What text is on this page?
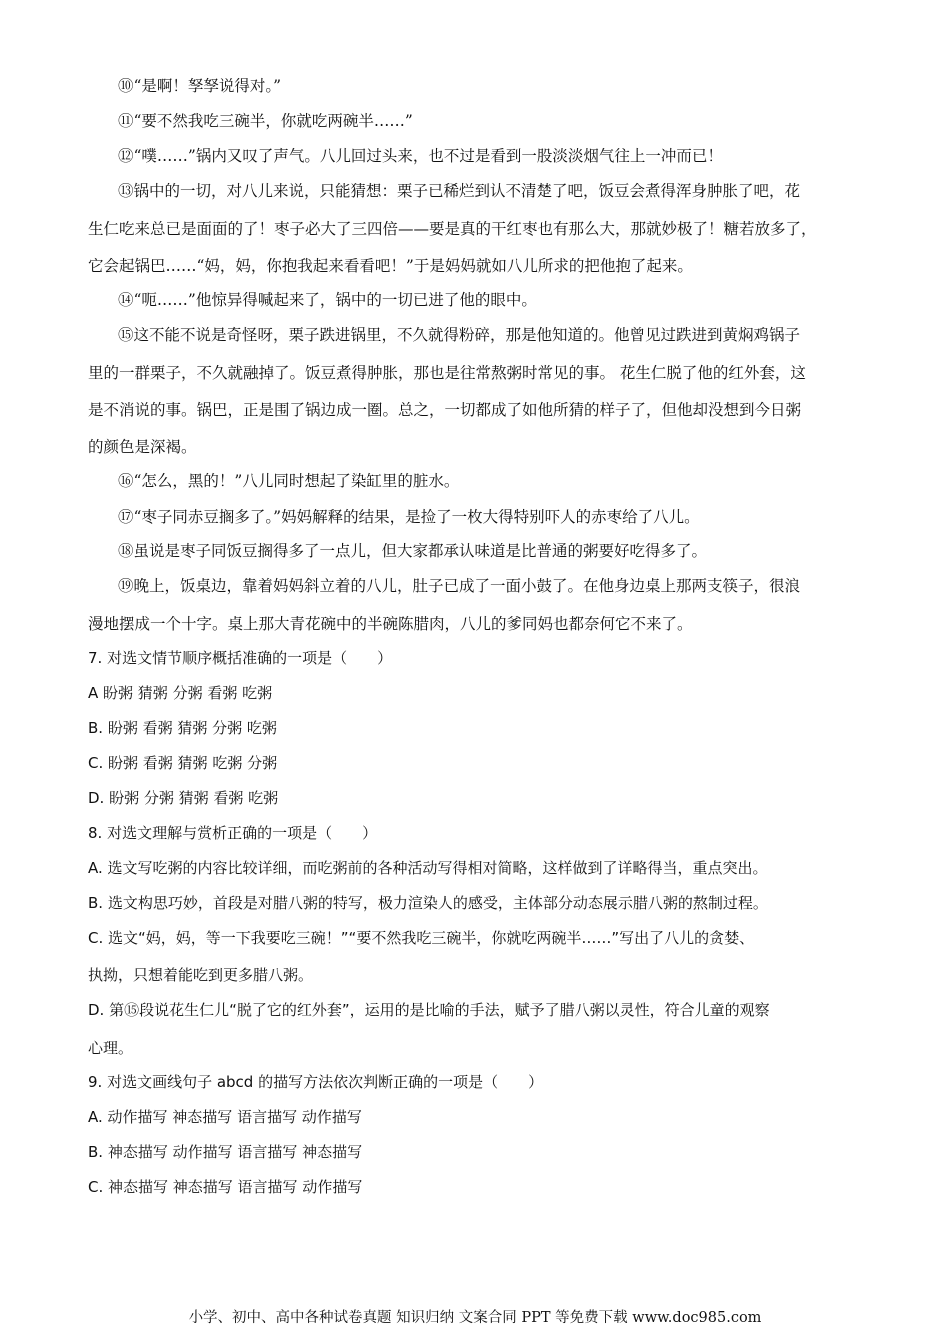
⑩“是啊！孥孥说得对。”
⑪“要不然我吃三碗半，你就吃两碗半……”
⑫“噗……”锅内又叹了声气。八儿回过头来，也不过是看到一股淡淡烟气往上一冲而已！
⑬锅中的一切，对八儿来说，只能猜想：栗子已稀烂到认不清楚了吧，饭豆会煮得浑身肿胀了吧，花
生仁吃来总已是面面的了！枣子必大了三四倍——要是真的干红枣也有那么大，那就妙极了！糖若放多了，
它会起锅巴……“妈，妈，你抱我起来看看吧！”于是妈妈就如八儿所求的把他抱了起来。
⑭“呃……”他惊异得喊起来了，锅中的一切已进了他的眼中。
⑮这不能不说是奇怪呀，栗子跌进锅里，不久就得粉碎，那是他知道的。他曾见过跌进到黄焖鸡锅子
里的一群栗子，不久就融掉了。饭豆煮得肿胀，那也是往常熬粥时常见的事。 花生仁脱了他的红外套，这
是不消说的事。锅巴，正是围了锅边成一圈。总之，一切都成了如他所猜的样子了，但他却没想到今日粥
的颜色是深褐。
⑯“怎么，黑的！”八儿同时想起了染缸里的脏水。
⑰“枣子同赤豆搁多了。”妈妈解释的结果，是捡了一枚大得特别吓人的赤枣给了八儿。
⑱虽说是枣子同饭豆搁得多了一点儿，但大家都承认味道是比普通的粥要好吃得多了。
⑲晚上，饭桌边，靠着妈妈斜立着的八儿，肚子已成了一面小鼓了。在他身边桌上那两支筷子，很浪
漫地摆成一个十字。桌上那大青花碗中的半碗陈腊肉，八儿的爹同妈也都奈何它不来了。
7. 对选文情节顺序概括准确的一项是（　　）
A 盼粥 猜粥 分粥 看粥 吃粥
B. 盼粥 看粥 猜粥 分粥 吃粥
C. 盼粥 看粥 猜粥 吃粥 分粥
D. 盼粥 分粥 猜粥 看粥 吃粥
8. 对选文理解与赏析正确的一项是（　　）
A. 选文写吃粥的内容比较详细，而吃粥前的各种活动写得相对简略，这样做到了详略得当，重点突出。
B. 选文构思巧妙，首段是对腊八粥的特写，极力渲染人的感受，主体部分动态展示腊八粥的熬制过程。
C. 选文“妈，妈，等一下我要吃三碗！”“要不然我吃三碗半，你就吃两碗半……”写出了八儿的贪婪、
执拗，只想着能吃到更多腊八粥。
D. 第⑮段说花生仁儿“脱了它的红外套”，运用的是比喻的手法，赋予了腊八粥以灵性，符合儿童的观察
心理。
9. 对选文画线句子 abcd 的描写方法依次判断正确的一项是（　　）
A. 动作描写 神态描写 语言描写 动作描写
B. 神态描写 动作描写 语言描写 神态描写
C. 神态描写 神态描写 语言描写 动作描写
小学、初中、高中各种试卷真题 知识归纳 文案合同 PPT 等免费下载 www.doc985.com
